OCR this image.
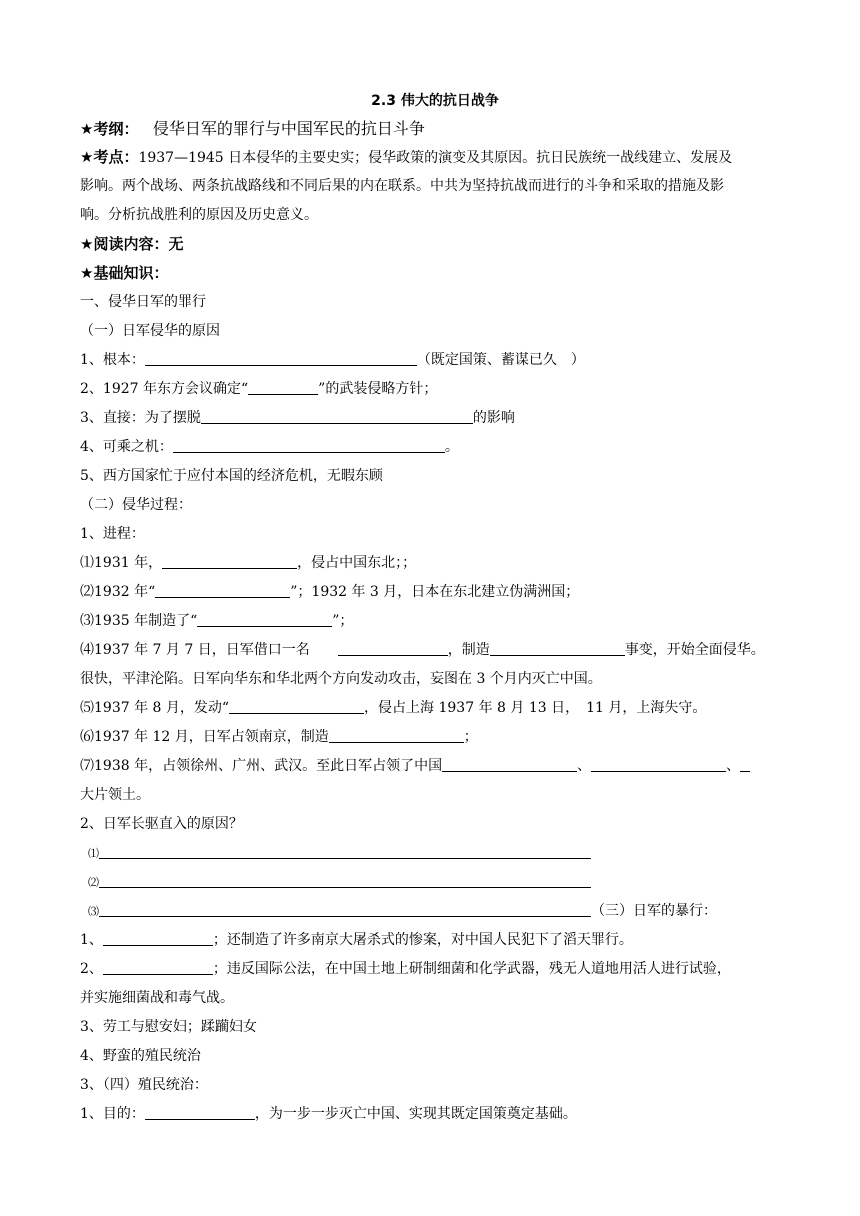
2.3 伟大的抗日战争
★考纲： 侵华日军的罪行与中国军民的抗日斗争
★考点：1937—1945 日本侵华的主要史实；侵华政策的演变及其原因。抗日民族统一战线建立、发展及
影响。两个战场、两条抗战路线和不同后果的内在联系。中共为坚持抗战而进行的斗争和采取的措施及影
响。分析抗战胜利的原因及历史意义。
★阅读内容：无
★基础知识：
一、侵华日军的罪行
（一）日军侵华的原因
1、根本：	（既定国策、蓄谋已久　）
2、1927 年东方会议确定“	”的武装侵略方针；
3、直接：为了摆脱	的影响
4、可乘之机：	。
5、西方国家忙于应付本国的经济危机，无暇东顾
（二）侵华过程：
1、进程：
⑴1931 年，	，侵占中国东北；；
⑵1932 年“	”；1932 年 3 月，日本在东北建立伪满洲国；
⑶1935 年制造了“	”；
⑷1937 年 7 月 7 日，日军借口一名　　	，制造	事变，开始全面侵华。
很快，平津沦陷。日军向华东和华北两个方向发动攻击，妄图在 3 个月内灭亡中国。
⑸1937 年 8 月，发动“	，侵占上海 1937 年 8 月 13 日，　11 月，上海失守。
⑹1937 年 12 月，日军占领南京，制造	；
⑺1938 年，占领徐州、广州、武汉。至此日军占领了中国	、	、
大片领土。
2、日军长驱直入的原因？
⑴
⑵
⑶	（三）日军的暴行：
1、	；还制造了许多南京大屠杀式的惨案，对中国人民犯下了滔天罪行。
2、	；违反国际公法，在中国土地上研制细菌和化学武器，残无人道地用活人进行试验，
并实施细菌战和毒气战。
3、劳工与慰安妇；蹂躏妇女
4、野蛮的殖民统治
3、（四）殖民统治：
1、目的：	，为一步一步灭亡中国、实现其既定国策奠定基础。
